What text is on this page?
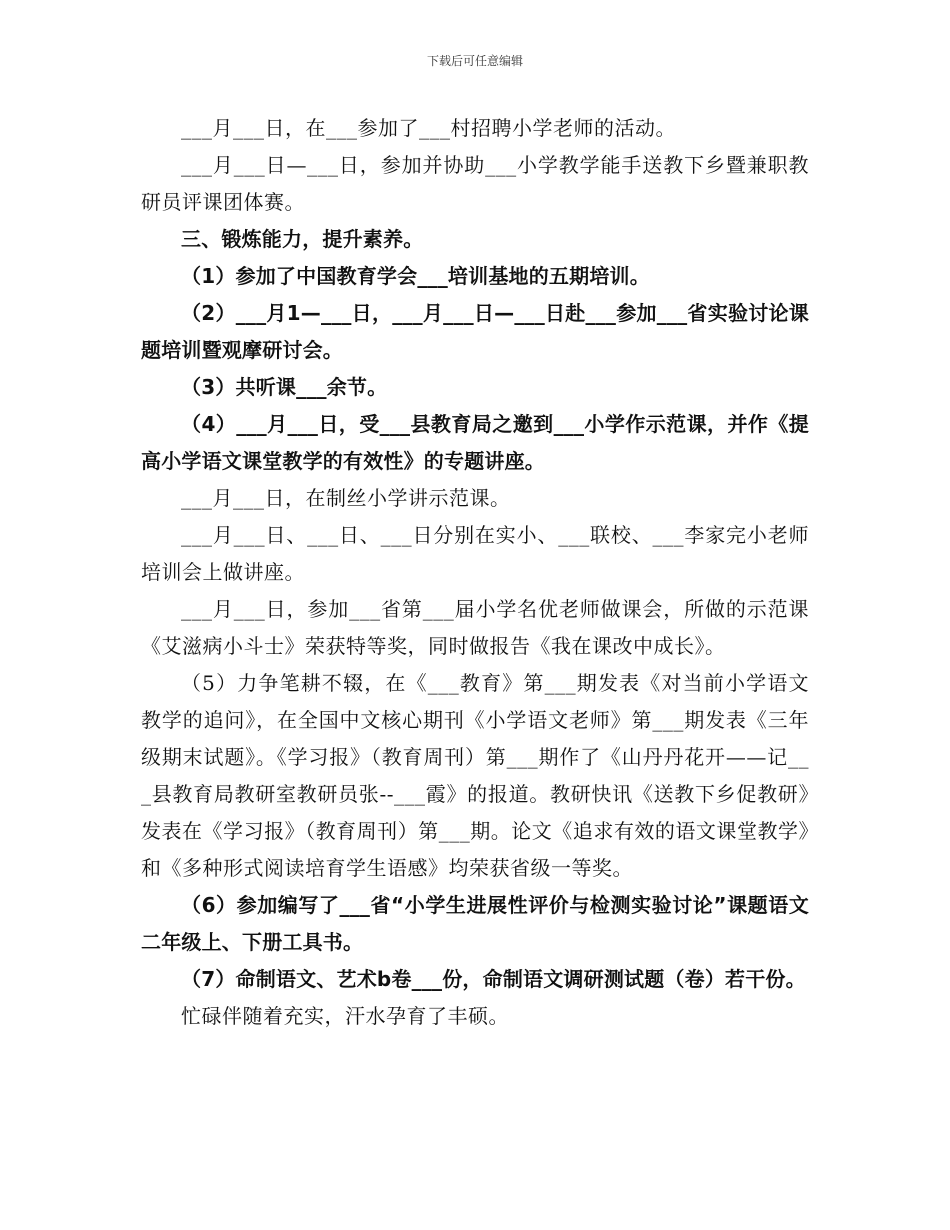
下载后可任意编辑

___月___日，在___参加了___村招聘小学老师的活动。

___月___日—___日，参加并协助___小学教学能手送教下乡暨兼职教研员评课团体赛。

三、锻炼能力，提升素养。

（1）参加了中国教育学会___培训基地的五期培训。

（2）___月1—___日，___月___日—___日赴___参加___省实验讨论课题培训暨观摩研讨会。

（3）共听课___余节。

（4）___月___日，受___县教育局之邀到___小学作示范课，并作《提高小学语文课堂教学的有效性》的专题讲座。

___月___日，在制丝小学讲示范课。

___月___日、___日、___日分别在实小、___联校、___李家完小老师培训会上做讲座。

___月___日，参加___省第___届小学名优老师做课会，所做的示范课《艾滋病小斗士》荣获特等奖，同时做报告《我在课改中成长》。

（5）力争笔耕不辍，在《___教育》第___期发表《对当前小学语文教学的追问》，在全国中文核心期刊《小学语文老师》第___期发表《三年级期末试题》。《学习报》（教育周刊）第___期作了《山丹丹花开——记___县教育局教研室教研员张--___霞》的报道。教研快讯《送教下乡促教研》发表在《学习报》（教育周刊）第___期。论文《追求有效的语文课堂教学》和《多种形式阅读培育学生语感》均荣获省级一等奖。

（6）参加编写了___省“小学生进展性评价与检测实验讨论”课题语文二年级上、下册工具书。

（7）命制语文、艺术b卷___份，命制语文调研测试题（卷）若干份。

忙碌伴随着充实，汗水孕育了丰硕。
